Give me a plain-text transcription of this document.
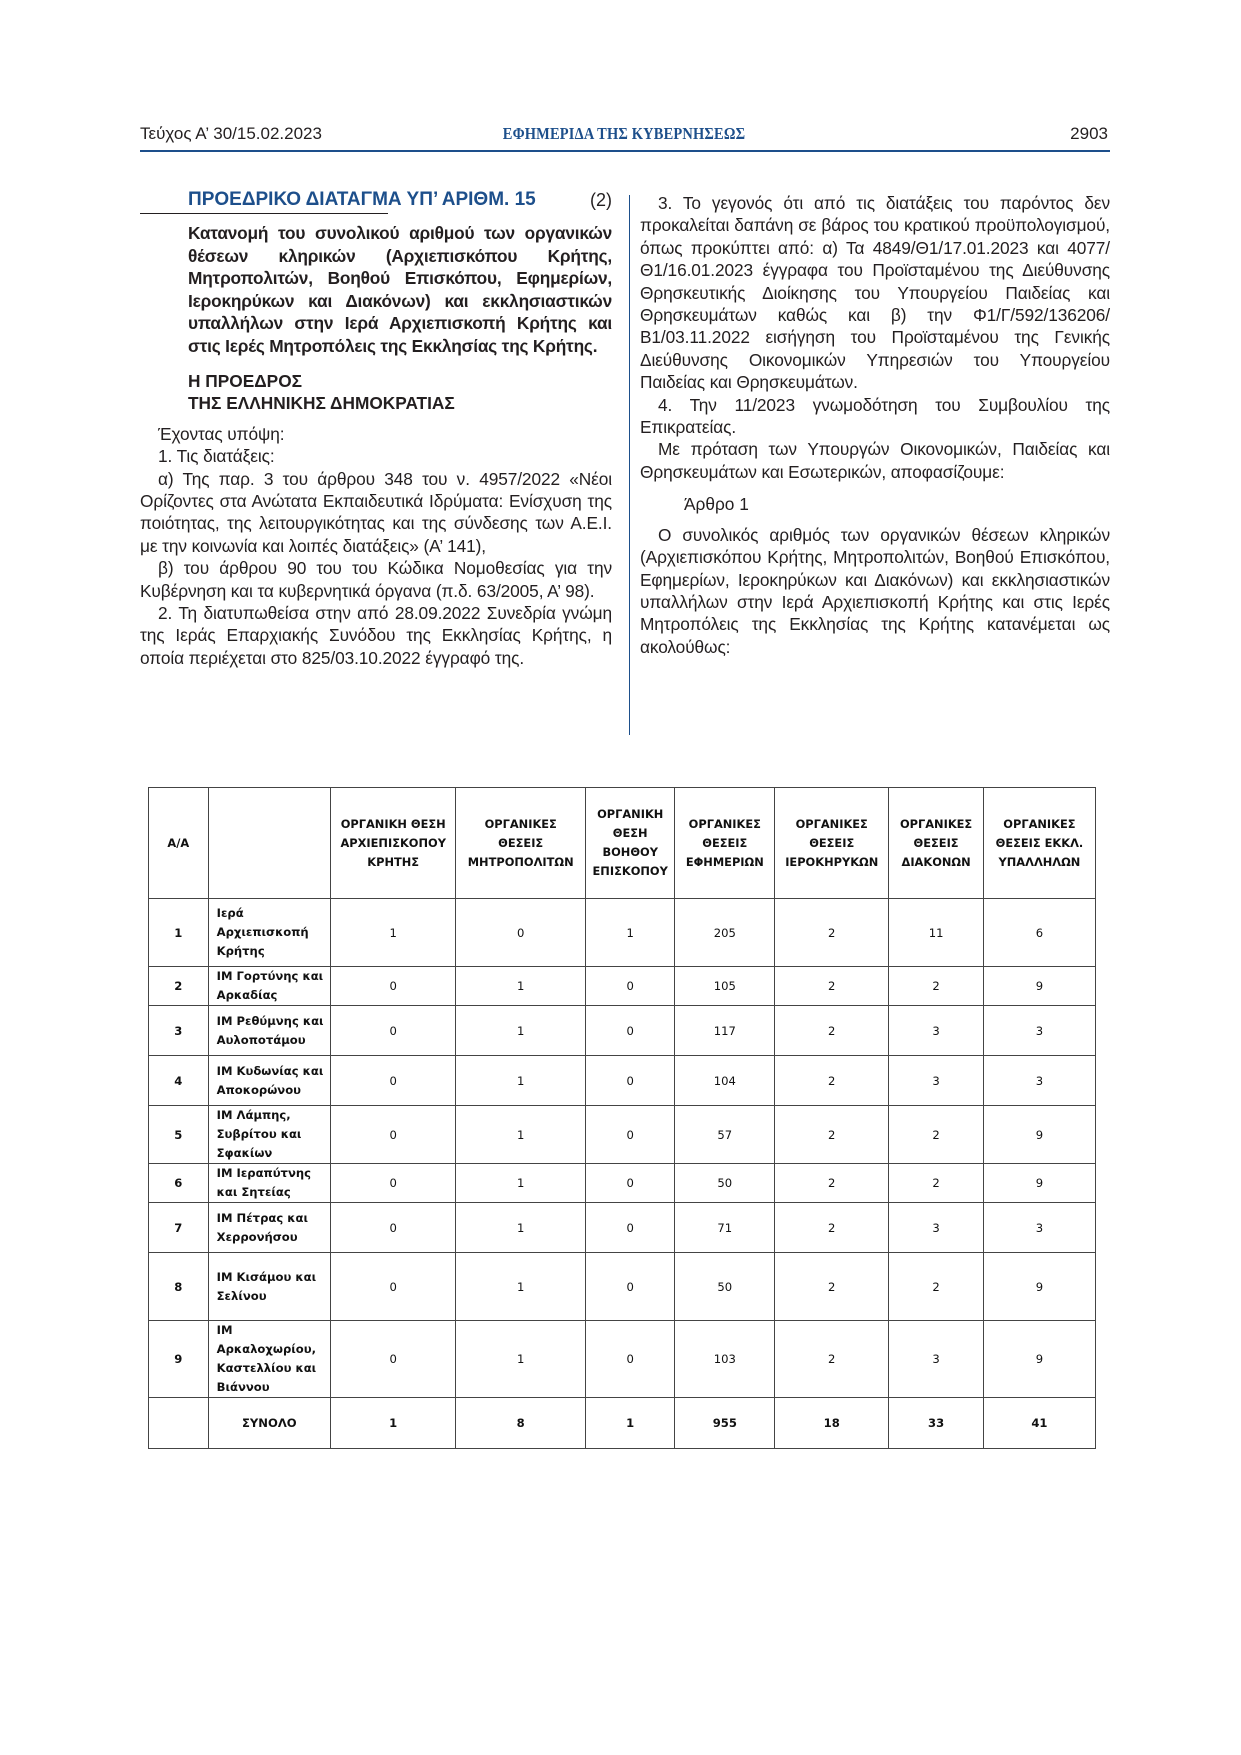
Τεύχος Α’ 30/15.02.2023	ΕΦΗΜΕΡΙΔΑ ΤΗΣ ΚΥΒΕΡΝΗΣΕΩΣ	2903
ΠΡΟΕΔΡΙΚΟ ΔΙΑΤΑΓΜΑ ΥΠ’ ΑΡΙΘΜ. 15	(2)
Κατανομή του συνολικού αριθμού των οργανικών θέσεων κληρικών (Αρχιεπισκόπου Κρήτης, Μητροπολιτών, Βοηθού Επισκόπου, Εφημερίων, Ιεροκηρύκων και Διακόνων) και εκκλησιαστικών υπαλλήλων στην Ιερά Αρχιεπισκοπή Κρήτης και στις Ιερές Μητροπόλεις της Εκκλησίας της Κρήτης.
Η ΠΡΟΕΔΡΟΣ
ΤΗΣ ΕΛΛΗΝΙΚΗΣ ΔΗΜΟΚΡΑΤΙΑΣ

Έχοντας υπόψη:

1. Τις διατάξεις:

α) Της παρ. 3 του άρθρου 348 του ν. 4957/2022 «Νέοι Ορίζοντες στα Ανώτατα Εκπαιδευτικά Ιδρύματα: Ενίσχυση της ποιότητας, της λειτουργικότητας και της σύνδεσης των Α.Ε.Ι. με την κοινωνία και λοιπές διατάξεις» (Α’ 141),

β) του άρθρου 90 του του Κώδικα Νομοθεσίας για την Κυβέρνηση και τα κυβερνητικά όργανα (π.δ. 63/2005, Α’ 98).

2. Τη διατυπωθείσα στην από 28.09.2022 Συνεδρία γνώμη της Ιεράς Επαρχιακής Συνόδου της Εκκλησίας Κρήτης, η οποία περιέχεται στο 825/03.10.2022 έγγραφό της.

3. Το γεγονός ότι από τις διατάξεις του παρόντος δεν προκαλείται δαπάνη σε βάρος του κρατικού προϋπολογισμού, όπως προκύπτει από: α) Τα 4849/Θ1/17.01.2023 και 4077/Θ1/16.01.2023 έγγραφα του Προϊσταμένου της Διεύθυνσης Θρησκευτικής Διοίκησης του Υπουργείου Παιδείας και Θρησκευμάτων καθώς και β) την Φ1/Γ/592/136206/Β1/03.11.2022 εισήγηση του Προϊσταμένου της Γενικής Διεύθυνσης Οικονομικών Υπηρεσιών του Υπουργείου Παιδείας και Θρησκευμάτων.

4. Την 11/2023 γνωμοδότηση του Συμβουλίου της Επικρατείας.

Με πρόταση των Υπουργών Οικονομικών, Παιδείας και Θρησκευμάτων και Εσωτερικών, αποφασίζουμε:

Άρθρο 1

Ο συνολικός αριθμός των οργανικών θέσεων κληρικών (Αρχιεπισκόπου Κρήτης, Μητροπολιτών, Βοηθού Επισκόπου, Εφημερίων, Ιεροκηρύκων και Διακόνων) και εκκλησιαστικών υπαλλήλων στην Ιερά Αρχιεπισκοπή Κρήτης και στις Ιερές Μητροπόλεις της Εκκλησίας της Κρήτης κατανέμεται ως ακολούθως:

Α/Α		ΟΡΓΑΝΙΚΗ ΘΕΣΗ ΑΡΧΙΕΠΙΣΚΟΠΟΥ ΚΡΗΤΗΣ	ΟΡΓΑΝΙΚΕΣ ΘΕΣΕΙΣ ΜΗΤΡΟΠΟΛΙΤΩΝ	ΟΡΓΑΝΙΚΗ ΘΕΣΗ ΒΟΗΘΟΥ ΕΠΙΣΚΟΠΟΥ	ΟΡΓΑΝΙΚΕΣ ΘΕΣΕΙΣ ΕΦΗΜΕΡΙΩΝ	ΟΡΓΑΝΙΚΕΣ ΘΕΣΕΙΣ ΙΕΡΟΚΗΡΥΚΩΝ	ΟΡΓΑΝΙΚΕΣ ΘΕΣΕΙΣ ΔΙΑΚΟΝΩΝ	ΟΡΓΑΝΙΚΕΣ ΘΕΣΕΙΣ ΕΚΚΛ. ΥΠΑΛΛΗΛΩΝ
1	Ιερά Αρχιεπισκοπή Κρήτης	1	0	1	205	2	11	6
2	ΙΜ Γορτύνης και Αρκαδίας	0	1	0	105	2	2	9
3	ΙΜ Ρεθύμνης και Αυλοποτάμου	0	1	0	117	2	3	3
4	ΙΜ Κυδωνίας και Αποκορώνου	0	1	0	104	2	3	3
5	ΙΜ Λάμπης, Συβρίτου και Σφακίων	0	1	0	57	2	2	9
6	ΙΜ Ιεραπύτνης και Σητείας	0	1	0	50	2	2	9
7	ΙΜ Πέτρας και Χερρονήσου	0	1	0	71	2	3	3
8	ΙΜ Κισάμου και Σελίνου	0	1	0	50	2	2	9
9	ΙΜ Αρκαλοχωρίου, Καστελλίου και Βιάννου	0	1	0	103	2	3	9
	ΣΥΝΟΛΟ	1	8	1	955	18	33	41
